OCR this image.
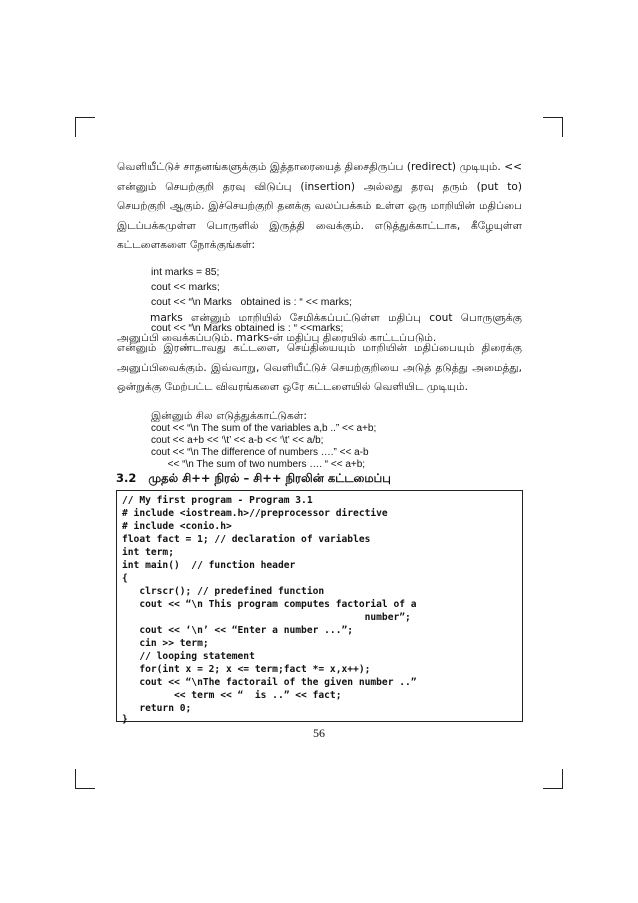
வெளியீட்டுச் சாதனங்களுக்கும் இத்தாரையைத் திசைதிருப்ப (redirect) முடியும். << என்னும் செயற்குறி தரவு விடுப்பு (insertion) அல்லது தரவு தரும் (put to) செயற்குறி ஆகும். இச்செயற்குறி தனக்கு வலப்பக்கம் உள்ள ஒரு மாறியின் மதிப்பை இடப்பக்கமுள்ள பொருளில் இருத்தி வைக்கும். எடுத்துக்காட்டாக, கீழேயுள்ள கட்டளைகளை நோக்குங்கள்:

int marks = 85;
cout << marks;
cout << “\n Marks   obtained is : “ << marks;

marks என்னும் மாறியில் சேமிக்கப்பட்டுள்ள மதிப்பு cout பொருளுக்கு அனுப்பி வைக்கப்படும். marks-ன் மதிப்பு திரையில் காட்டப்படும்.

cout << “\n Marks obtained is : “ <<marks;

என்னும் இரண்டாவது கட்டளை, செய்தியையும் மாறியின் மதிப்பையும் திரைக்கு அனுப்பிவைக்கும். இவ்வாறு, வெளியீட்டுச் செயற்குறியை அடுத் தடுத்து அமைத்து, ஒன்றுக்கு மேற்பட்ட விவரங்களை ஒரே கட்டளையில் வெளியிட முடியும்.

இன்னும் சில எடுத்துக்காட்டுகள்:
cout << “\n The sum of the variables a,b ..” << a+b;
cout << a+b << ‘\t’ << a-b << ‘\t’ << a/b;
cout << “\n The difference of numbers ….” << a-b
<< “\n The sum of two numbers …. “ << a+b;
3.2   முதல் சி++ நிரல் – சி++ நிரலின் கட்டமைப்பு
// My first program - Program 3.1
# include <iostream.h>//preprocessor directive
# include <conio.h>
float fact = 1; // declaration of variables
int term;
int main()  // function header
{
clrscr(); // predefined function
cout << “\n This program computes factorial of a
number”;
cout << ‘\n’ << “Enter a number ...”;
cin >> term;
// looping statement
for(int x = 2; x <= term;fact *= x,x++);
cout << “\nThe factorail of the given number ..”
<< term << “  is ..” << fact;
return 0;
}
56
